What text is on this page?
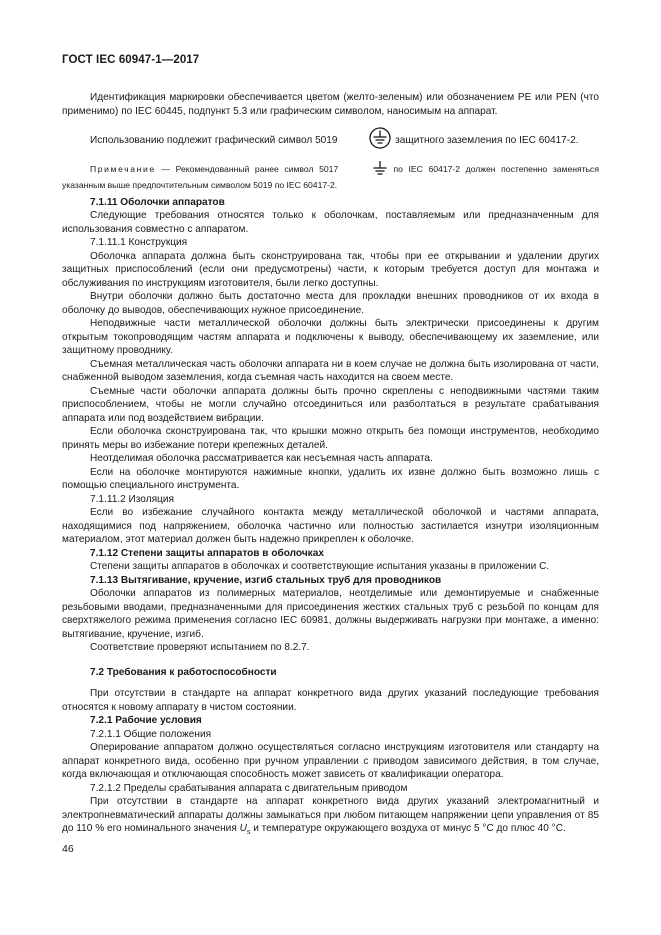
ГОСТ IEC 60947-1—2017

Идентификация маркировки обеспечивается цветом (желто-зеленым) или обозначением PE или PEN (что применимо) по IEC 60445, подпункт 5.3 или графическим символом, наносимым на аппарат.

Использованию подлежит графический символ 5019	защитного заземления по IEC 60417-2.

Примечание — Рекомендованный ранее символ 5017	по IEC 60417-2 должен постепенно заменяться указанным выше предпочтительным символом 5019 по IEC 60417-2.

7.1.11 Оболочки аппаратов

Следующие требования относятся только к оболочкам, поставляемым или предназначенным для использования совместно с аппаратом.

7.1.11.1 Конструкция

Оболочка аппарата должна быть сконструирована так, чтобы при ее открывании и удалении других защитных приспособлений (если они предусмотрены) части, к которым требуется доступ для монтажа и обслуживания по инструкциям изготовителя, были легко доступны.

Внутри оболочки должно быть достаточно места для прокладки внешних проводников от их входа в оболочку до выводов, обеспечивающих нужное присоединение.

Неподвижные части металлической оболочки должны быть электрически присоединены к другим открытым токопроводящим частям аппарата и подключены к выводу, обеспечивающему их заземление, или защитному проводнику.

Съемная металлическая часть оболочки аппарата ни в коем случае не должна быть изолирована от части, снабженной выводом заземления, когда съемная часть находится на своем месте.

Съемные части оболочки аппарата должны быть прочно скреплены с неподвижными частями таким приспособлением, чтобы не могли случайно отсоединиться или разболтаться в результате срабатывания аппарата или под воздействием вибрации.

Если оболочка сконструирована так, что крышки можно открыть без помощи инструментов, необходимо принять меры во избежание потери крепежных деталей.

Неотделимая оболочка рассматривается как несъемная часть аппарата.

Если на оболочке монтируются нажимные кнопки, удалить их извне должно быть возможно лишь с помощью специального инструмента.

7.1.11.2 Изоляция

Если во избежание случайного контакта между металлической оболочкой и частями аппарата, находящимися под напряжением, оболочка частично или полностью застилается изнутри изоляционным материалом, этот материал должен быть надежно прикреплен к оболочке.

7.1.12 Степени защиты аппаратов в оболочках

Степени защиты аппаратов в оболочках и соответствующие испытания указаны в приложении С.

7.1.13 Вытягивание, кручение, изгиб стальных труб для проводников

Оболочки аппаратов из полимерных материалов, неотделимые или демонтируемые и снабженные резьбовыми вводами, предназначенными для присоединения жестких стальных труб с резьбой по концам для сверхтяжелого режима применения согласно IEC 60981, должны выдерживать нагрузки при монтаже, а именно: вытягивание, кручение, изгиб.

Соответствие проверяют испытанием по 8.2.7.

7.2 Требования к работоспособности

При отсутствии в стандарте на аппарат конкретного вида других указаний последующие требования относятся к новому аппарату в чистом состоянии.

7.2.1 Рабочие условия

7.2.1.1 Общие положения

Оперирование аппаратом должно осуществляться согласно инструкциям изготовителя или стандарту на аппарат конкретного вида, особенно при ручном управлении с приводом зависимого действия, в том случае, когда включающая и отключающая способность может зависеть от квалификации оператора.

7.2.1.2 Пределы срабатывания аппарата с двигательным приводом

При отсутствии в стандарте на аппарат конкретного вида других указаний электромагнитный и электропневматический аппараты должны замыкаться при любом питающем напряжении цепи управления от 85 до 110 % его номинального значения $U_s$ и температуре окружающего воздуха от минус 5 °С до плюс 40 °С.

46
